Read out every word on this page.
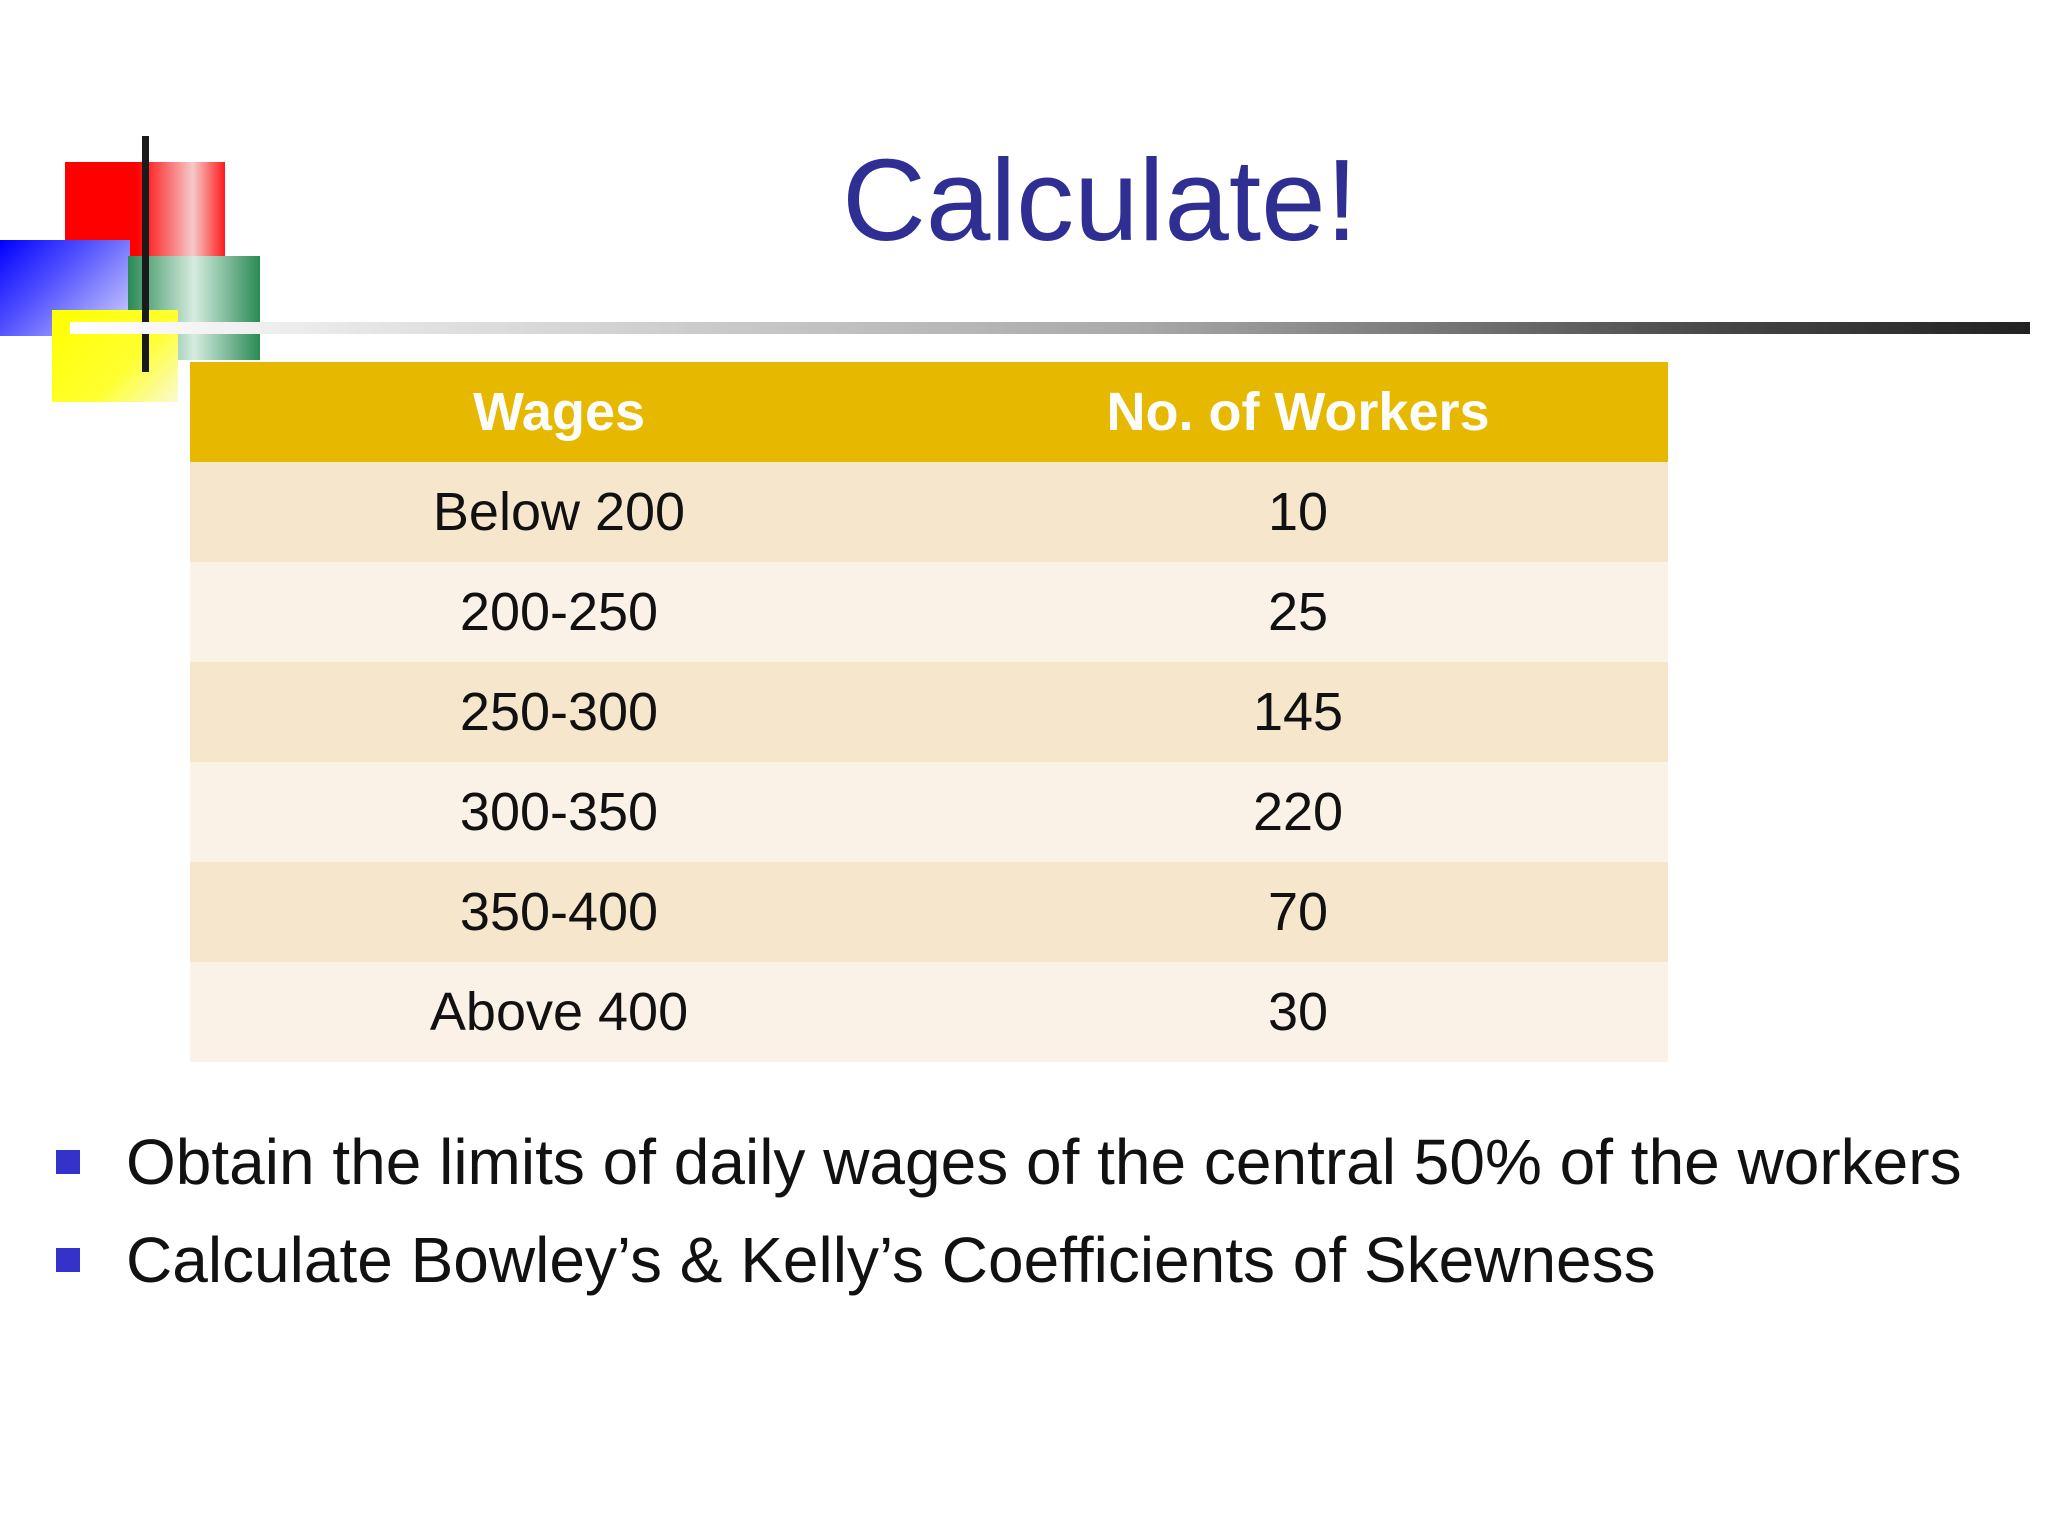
Calculate!
Wages	No. of Workers
Below 200	10
200-250	25
250-300	145
300-350	220
350-400	70
Above 400	30
Obtain the limits of daily wages of the central 50% of the workers
Calculate Bowley’s & Kelly’s Coefficients of Skewness
